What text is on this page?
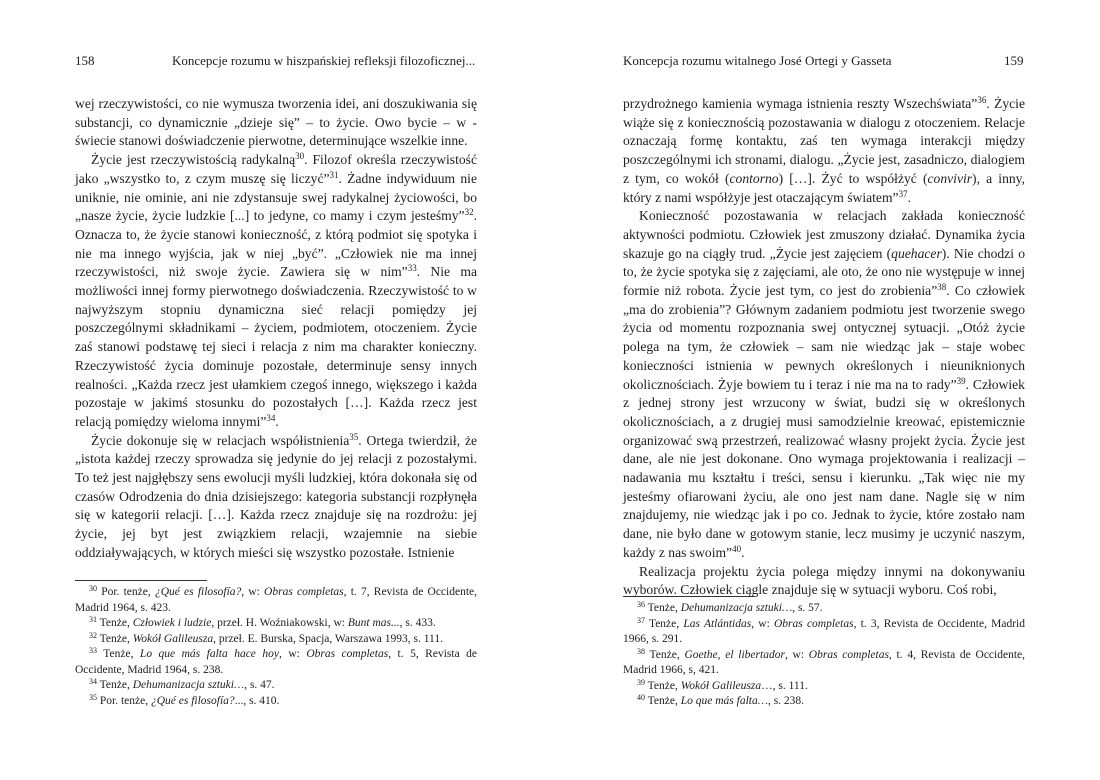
158	Koncepcje rozumu w hiszpańskiej refleksji filozoficznej...

wej rzeczywistości, co nie wymusza tworzenia idei, ani doszukiwania się substancji, co dynamicznie „dzieje się” – to życie. Owo bycie – w - świecie stanowi doświadczenie pierwotne, determinujące wszelkie inne.

Życie jest rzeczywistością radykalną$^{30}$. Filozof określa rzeczywistość jako „wszystko to, z czym muszę się liczyć”$^{31}$. Żadne indywiduum nie uniknie, nie ominie, ani nie zdystansuje swej radykalnej życiowości, bo „nasze życie, życie ludzkie [...] to jedyne, co mamy i czym jesteśmy”$^{32}$. Oznacza to, że życie stanowi konieczność, z którą podmiot się spotyka i nie ma innego wyjścia, jak w niej „być”. „Człowiek nie ma innej rzeczywistości, niż swoje życie. Zawiera się w nim”$^{33}$. Nie ma możliwości innej formy pierwotnego doświadczenia. Rzeczywistość to w najwyższym stopniu dynamiczna sieć relacji pomiędzy jej poszczególnymi składnikami – życiem, podmiotem, otoczeniem. Życie zaś stanowi podstawę tej sieci i relacja z nim ma charakter konieczny. Rzeczywistość życia dominuje pozostałe, determinuje sensy innych realności. „Każda rzecz jest ułamkiem czegoś innego, większego i każda pozostaje w jakimś stosunku do pozostałych […]. Każda rzecz jest relacją pomiędzy wieloma innymi”$^{34}$.

Życie dokonuje się w relacjach współistnienia$^{35}$. Ortega twierdził, że „istota każdej rzeczy sprowadza się jedynie do jej relacji z pozostałymi. To też jest najgłębszy sens ewolucji myśli ludzkiej, która dokonała się od czasów Odrodzenia do dnia dzisiejszego: kategoria substancji rozpłynęła się w kategorii relacji. […]. Każda rzecz znajduje się na rozdrożu: jej życie, jej byt jest związkiem relacji, wzajemnie na siebie oddziaływających, w których mieści się wszystko pozostałe. Istnienie

$^{30}$ Por. tenże, ¿Qué es filosofía?, w: Obras completas, t. 7, Revista de Occidente, Madrid 1964, s. 423.

$^{31}$ Tenże, Człowiek i ludzie, przeł. H. Woźniakowski, w: Bunt mas..., s. 433.

$^{32}$ Tenże, Wokół Galileusza, przeł. E. Burska, Spacja, Warszawa 1993, s. 111.

$^{33}$ Tenże, Lo que más falta hace hoy, w: Obras completas, t. 5, Revista de Occidente, Madrid 1964, s. 238.

$^{34}$ Tenże, Dehumanizacja sztuki…, s. 47.

$^{35}$ Por. tenże, ¿Qué es filosofía?..., s. 410.

Koncepcja rozumu witalnego José Ortegi y Gasseta	159

przydrożnego kamienia wymaga istnienia reszty Wszechświata”$^{36}$. Życie wiąże się z koniecznością pozostawania w dialogu z otoczeniem. Relacje oznaczają formę kontaktu, zaś ten wymaga interakcji między poszczególnymi ich stronami, dialogu. „Życie jest, zasadniczo, dialogiem z tym, co wokół (contorno) […]. Żyć to współżyć (convivir), a inny, który z nami współżyje jest otaczającym światem”$^{37}$.

Konieczność pozostawania w relacjach zakłada konieczność aktywności podmiotu. Człowiek jest zmuszony działać. Dynamika życia skazuje go na ciągły trud. „Życie jest zajęciem (quehacer). Nie chodzi o to, że życie spotyka się z zajęciami, ale oto, że ono nie występuje w innej formie niż robota. Życie jest tym, co jest do zrobienia”$^{38}$. Co człowiek „ma do zrobienia”? Głównym zadaniem podmiotu jest tworzenie swego życia od momentu rozpoznania swej ontycznej sytuacji. „Otóż życie polega na tym, że człowiek – sam nie wiedząc jak – staje wobec konieczności istnienia w pewnych określonych i nieuniknionych okolicznościach. Żyje bowiem tu i teraz i nie ma na to rady”$^{39}$. Człowiek z jednej strony jest wrzucony w świat, budzi się w określonych okolicznościach, a z drugiej musi samodzielnie kreować, epistemicznie organizować swą przestrzeń, realizować własny projekt życia. Życie jest dane, ale nie jest dokonane. Ono wymaga projektowania i realizacji – nadawania mu kształtu i treści, sensu i kierunku. „Tak więc nie my jesteśmy ofiarowani życiu, ale ono jest nam dane. Nagle się w nim znajdujemy, nie wiedząc jak i po co. Jednak to życie, które zostało nam dane, nie było dane w gotowym stanie, lecz musimy je uczynić naszym, każdy z nas swoim”$^{40}$.

Realizacja projektu życia polega między innymi na dokonywaniu wyborów. Człowiek ciągle znajduje się w sytuacji wyboru. Coś robi,

$^{36}$ Tenże, Dehumanizacja sztuki…, s. 57.

$^{37}$ Tenże, Las Atlántidas, w: Obras completas, t. 3, Revista de Occidente, Madrid 1966, s. 291.

$^{38}$ Tenże, Goethe, el libertador, w: Obras completas, t. 4, Revista de Occidente, Madrid 1966, s, 421.

$^{39}$ Tenże, Wokół Galileusza…, s. 111.

$^{40}$ Tenże, Lo que más falta…, s. 238.
